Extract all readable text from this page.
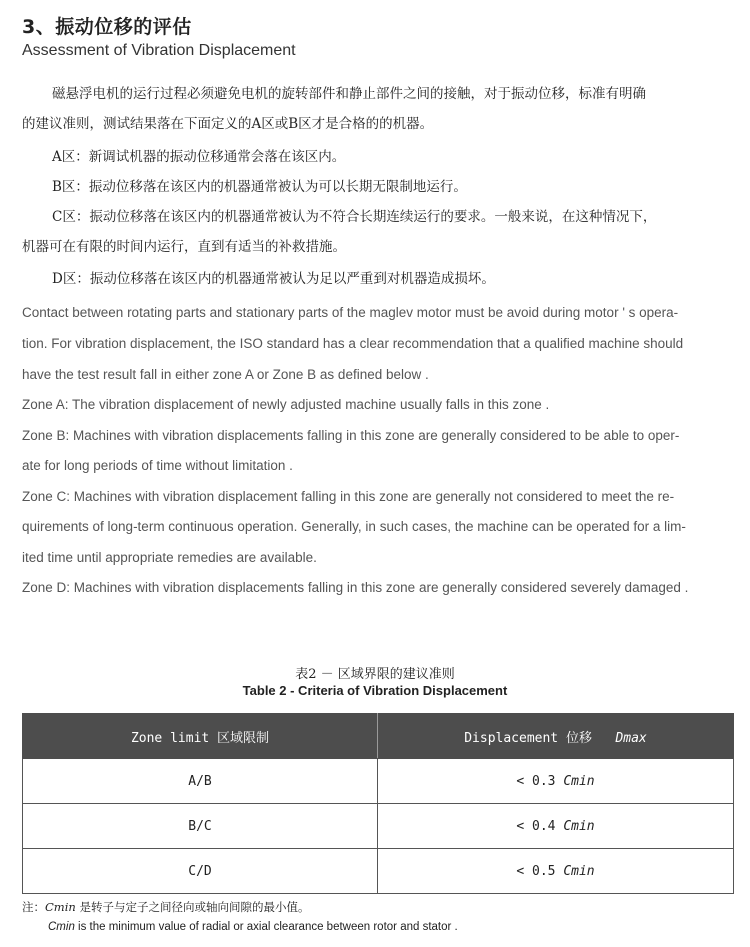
3、振动位移的评估
Assessment of Vibration Displacement
磁悬浮电机的运行过程必须避免电机的旋转部件和静止部件之间的接触，对于振动位移，标准有明确
的建议准则，测试结果落在下面定义的A区或B区才是合格的的机器。
A区：新调试机器的振动位移通常会落在该区内。
B区：振动位移落在该区内的机器通常被认为可以长期无限制地运行。
C区：振动位移落在该区内的机器通常被认为不符合长期连续运行的要求。一般来说，在这种情况下，
机器可在有限的时间内运行，直到有适当的补救措施。
D区：振动位移落在该区内的机器通常被认为足以严重到对机器造成损坏。
Contact between rotating parts and stationary parts of the maglev motor must be avoid during motor ' s opera-
tion. For vibration displacement, the ISO standard has a clear recommendation that a qualified machine should
have the test result fall in either zone A or Zone B as defined below .
Zone A: The vibration displacement of newly adjusted machine usually falls in this zone .
Zone B: Machines with vibration displacements falling in this zone are generally considered to be able to oper-
ate for long periods of time without limitation .
Zone C: Machines with vibration displacement falling in this zone are generally not considered to meet the re-
quirements of long-term continuous operation. Generally, in such cases, the machine can be operated for a lim-
ited time until appropriate remedies are available.
Zone D: Machines with vibration displacements falling in this zone are generally considered severely damaged .
表2 － 区域界限的建议准则
Table 2 - Criteria of Vibration Displacement
Zone limit 区域限制	Displacement 位移 Dmax
A/B	< 0.3 Cmin
B/C	< 0.4 Cmin
C/D	< 0.5 Cmin
注：Cmin 是转子与定子之间径向或轴向间隙的最小值。
Cmin is the minimum value of radial or axial clearance between rotor and stator .
